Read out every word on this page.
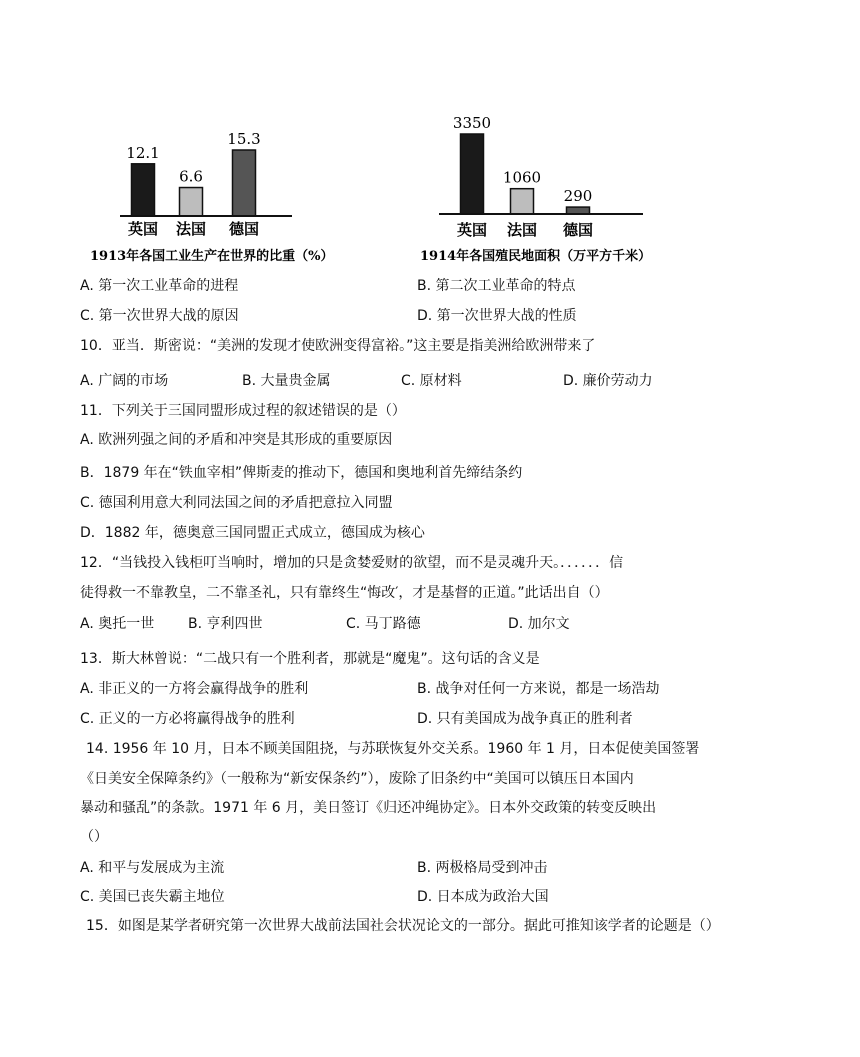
12.1
6.6
15.3
英国 法国 德国
1913年各国工业生产在世界的比重（%）
3350
1060
290
英国 法国 德国
1914年各国殖民地面积（万平方千米）
A. 第一次工业革命的进程	B. 第二次工业革命的特点
C. 第一次世界大战的原因	D. 第一次世界大战的性质
10．亚当．斯密说：“美洲的发现才使欧洲变得富裕。”这主要是指美洲给欧洲带来了
A. 广阔的市场	B. 大量贵金属	C. 原材料	D. 廉价劳动力
11．下列关于三国同盟形成过程的叙述错误的是（）
A. 欧洲列强之间的矛盾和冲突是其形成的重要原因
B．1879 年在“铁血宰相”俾斯麦的推动下，德国和奥地利首先缔结条约
C. 德国利用意大利同法国之间的矛盾把意拉入同盟
D．1882 年，德奥意三国同盟正式成立，德国成为核心
12．“当钱投入钱柜叮当响时，增加的只是贪婪爱财的欲望，而不是灵魂升天。．．．．．．信
徒得救一不靠教皇，二不靠圣礼，只有靠终生“悔改′，才是基督的正道。”此话出自（）
A. 奥托一世 B. 亨利四世	C. 马丁路德	D. 加尔文
13．斯大林曾说：“二战只有一个胜利者，那就是“魔鬼”。这句话的含义是
A. 非正义的一方将会赢得战争的胜利	B. 战争对任何一方来说，都是一场浩劫
C. 正义的一方必将赢得战争的胜利	D. 只有美国成为战争真正的胜利者
14. 1956 年 10 月，日本不顾美国阻挠，与苏联恢复外交关系。1960 年 1 月，日本促使美国签署
《日美安全保障条约》（一般称为“新安保条约”），废除了旧条约中“美国可以镇压日本国内
暴动和骚乱”的条款。1971 年 6 月，美日签订《归还冲绳协定》。日本外交政策的转变反映出
（）
A. 和平与发展成为主流	B. 两极格局受到冲击
C. 美国已丧失霸主地位	D. 日本成为政治大国
15．如图是某学者研究第一次世界大战前法国社会状况论文的一部分。据此可推知该学者的论题是（）
